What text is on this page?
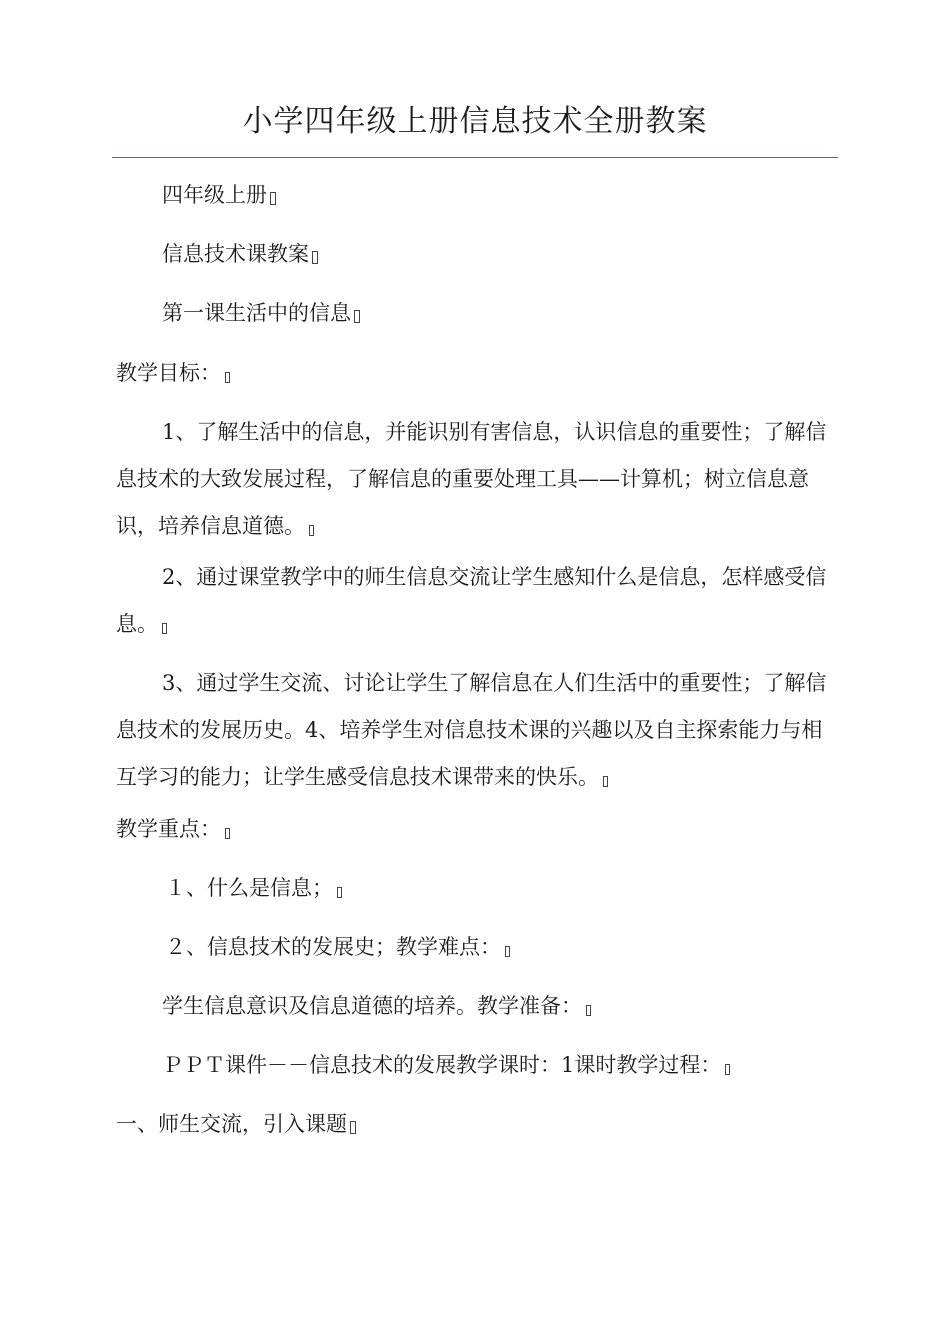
小学四年级上册信息技术全册教案

四年级上册

信息技术课教案

第一课生活中的信息

教学目标：

1、了解生活中的信息，并能识别有害信息，认识信息的重要性；了解信息技术的大致发展过程，了解信息的重要处理工具——计算机；树立信息意识，培养信息道德。

2、通过课堂教学中的师生信息交流让学生感知什么是信息，怎样感受信息。

3、通过学生交流、讨论让学生了解信息在人们生活中的重要性；了解信息技术的发展历史。4、培养学生对信息技术课的兴趣以及自主探索能力与相互学习的能力；让学生感受信息技术课带来的快乐。

教学重点：

１、什么是信息；

２、信息技术的发展史；教学难点：

学生信息意识及信息道德的培养。教学准备：

ＰＰＴ课件－－信息技术的发展教学课时：1课时教学过程：

一、师生交流，引入课题
